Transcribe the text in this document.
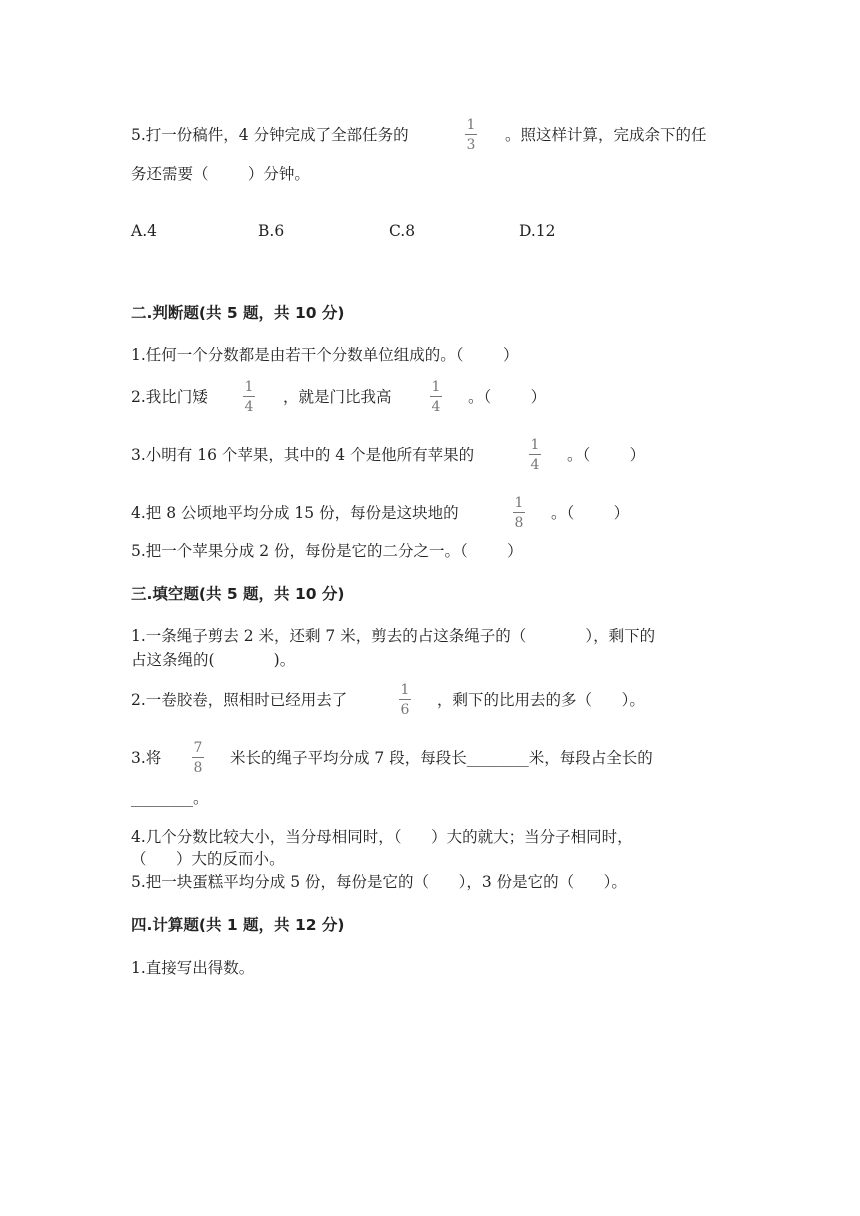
5.打一份稿件，4 分钟完成了全部任务的
1
3
。照这样计算，完成余下的任
务还需要（        ）分钟。
A.4	B.6	C.8	D.12
二.判断题(共 5 题，共 10 分)
1.任何一个分数都是由若干个分数单位组成的。（        ）
2.我比门矮
1
4
，就是门比我高
1
4
。（        ）
3.小明有 16 个苹果，其中的 4 个是他所有苹果的
1
4
。（        ）
4.把 8 公顷地平均分成 15 份，每份是这块地的
1
8
。（        ）
5.把一个苹果分成 2 份，每份是它的二分之一。（        ）
三.填空题(共 5 题，共 10 分)
1.一条绳子剪去 2 米，还剩 7 米，剪去的占这条绳子的（            ），剩下的
占这条绳的(            )。
2.一卷胶卷，照相时已经用去了
1
6
，剩下的比用去的多（      ）。
3.将
7
8
米长的绳子平均分成 7 段，每段长________米，每段占全长的
________。
4.几个分数比较大小，当分母相同时，（      ）大的就大；当分子相同时，
（      ）大的反而小。
5.把一块蛋糕平均分成 5 份，每份是它的（      ），3 份是它的（      ）。
四.计算题(共 1 题，共 12 分)
1.直接写出得数。
